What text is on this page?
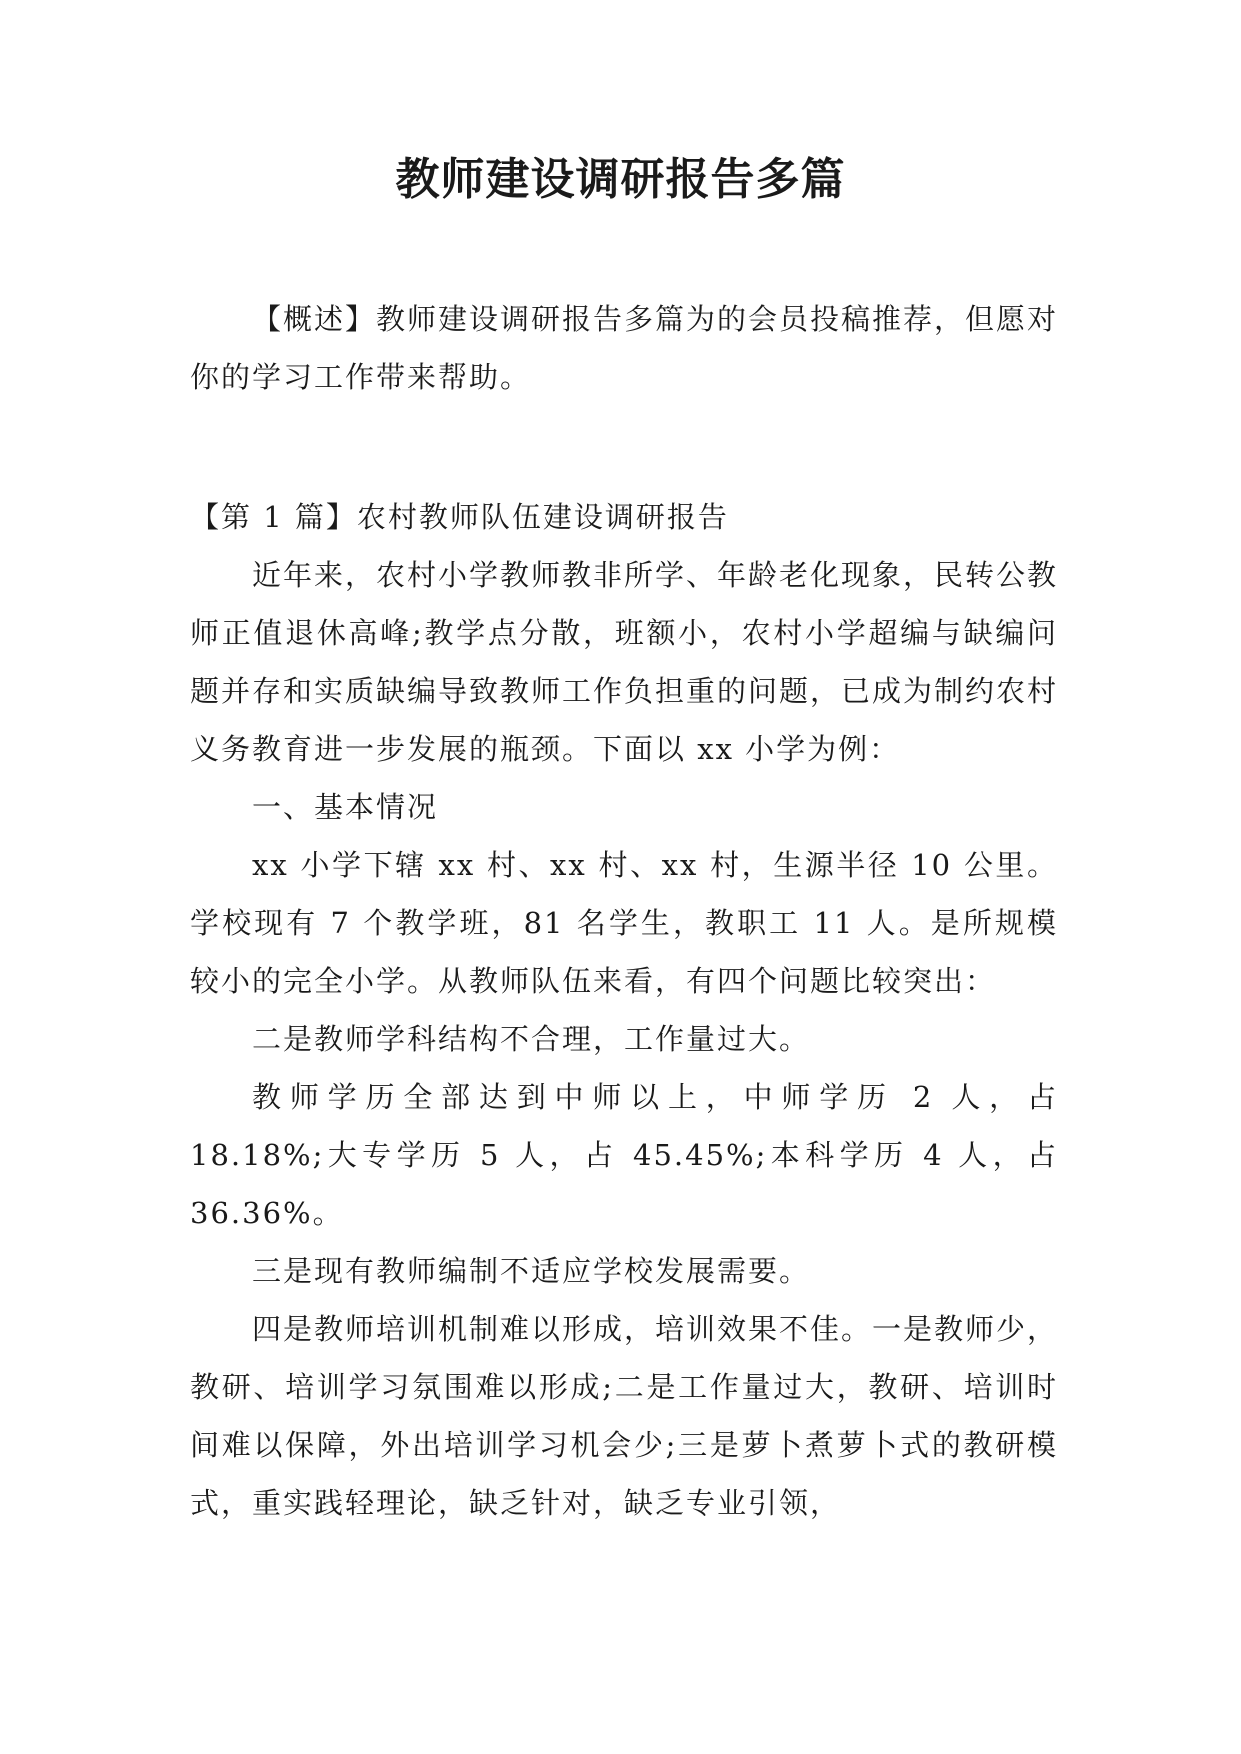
教师建设调研报告多篇

【概述】教师建设调研报告多篇为的会员投稿推荐，但愿对你的学习工作带来帮助。

【第 1 篇】农村教师队伍建设调研报告

近年来，农村小学教师教非所学、年龄老化现象，民转公教师正值退休高峰;教学点分散，班额小，农村小学超编与缺编问题并存和实质缺编导致教师工作负担重的问题，已成为制约农村义务教育进一步发展的瓶颈。下面以 xx 小学为例：

一、基本情况

xx 小学下辖 xx 村、xx 村、xx 村，生源半径 10 公里。学校现有 7 个教学班，81 名学生，教职工 11 人。是所规模较小的完全小学。从教师队伍来看，有四个问题比较突出：

二是教师学科结构不合理，工作量过大。

教师学历全部达到中师以上，中师学历 2 人，占 18.18%;大专学历 5 人，占 45.45%;本科学历 4 人，占 36.36%。

三是现有教师编制不适应学校发展需要。

四是教师培训机制难以形成，培训效果不佳。一是教师少，教研、培训学习氛围难以形成;二是工作量过大，教研、培训时间难以保障，外出培训学习机会少;三是萝卜煮萝卜式的教研模式，重实践轻理论，缺乏针对，缺乏专业引领，
